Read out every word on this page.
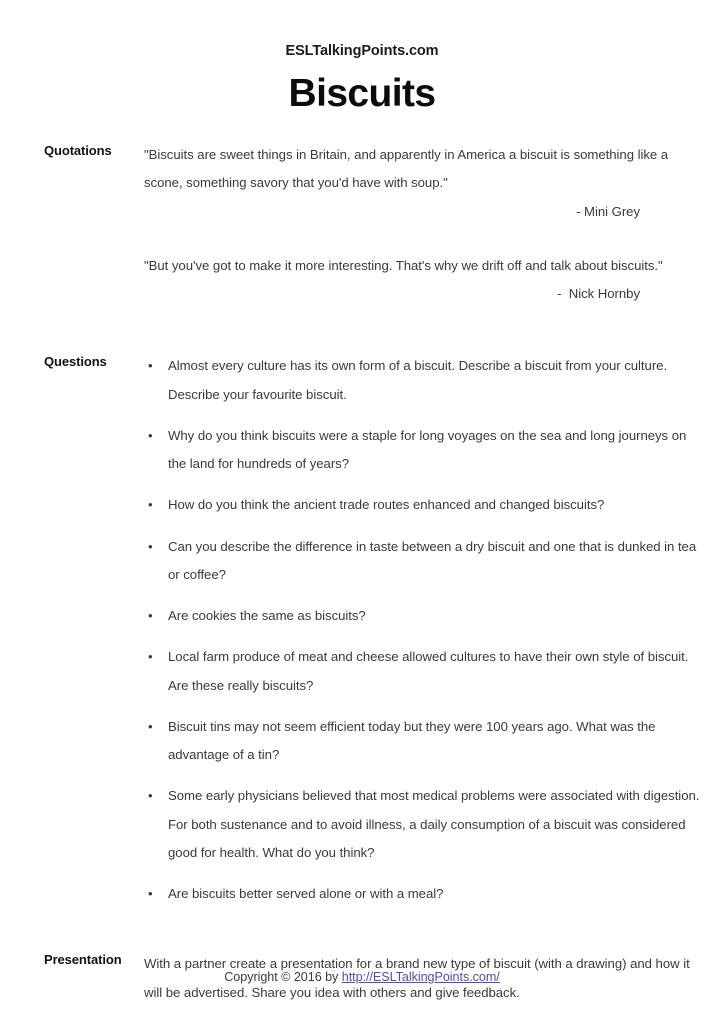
ESLTalkingPoints.com
Biscuits
Quotations	"Biscuits are sweet things in Britain, and apparently in America a biscuit is something like a scone, something savory that you'd have with soup."

- Mini Grey

"But you've got to make it more interesting. That's why we drift off and talk about biscuits."

-  Nick Hornby

Questions	• Almost every culture has its own form of a biscuit. Describe a biscuit from your culture. Describe your favourite biscuit.
• Why do you think biscuits were a staple for long voyages on the sea and long journeys on the land for hundreds of years?
• How do you think the ancient trade routes enhanced and changed biscuits?
• Can you describe the difference in taste between a dry biscuit and one that is dunked in tea or coffee?
• Are cookies the same as biscuits?
• Local farm produce of meat and cheese allowed cultures to have their own style of biscuit. Are these really biscuits?
• Biscuit tins may not seem efficient today but they were 100 years ago. What was the advantage of a tin?
• Some early physicians believed that most medical problems were associated with digestion. For both sustenance and to avoid illness, a daily consumption of a biscuit was considered good for health. What do you think?
• Are biscuits better served alone or with a meal?
Presentation	With a partner create a presentation for a brand new type of biscuit (with a drawing) and how it will be advertised. Share you idea with others and give feedback.

Copyright © 2016 by http://ESLTalkingPoints.com/
